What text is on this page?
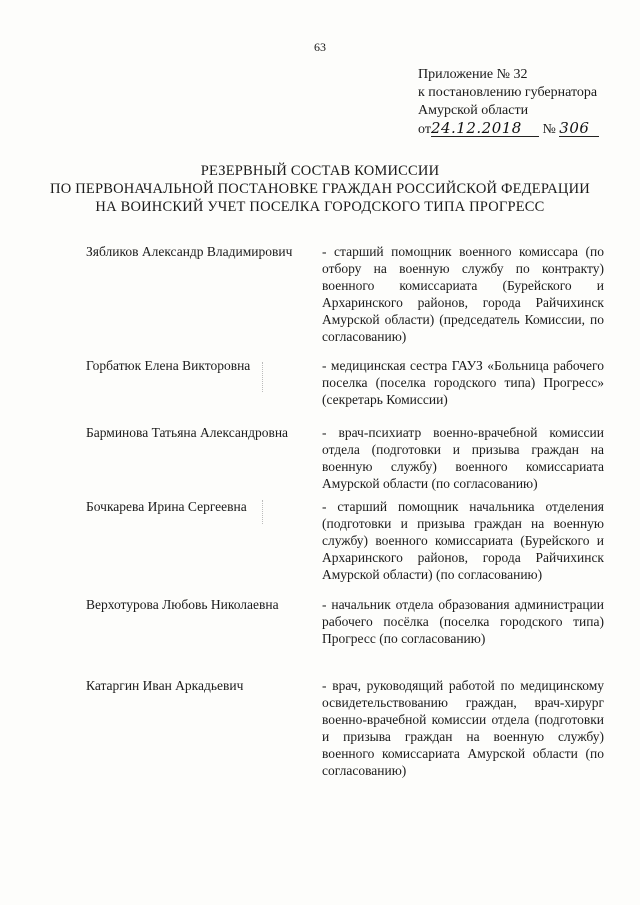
63
Приложение № 32
к постановлению губернатора
Амурской области
от24.12.2018 № 306
РЕЗЕРВНЫЙ СОСТАВ КОМИССИИ
ПО ПЕРВОНАЧАЛЬНОЙ ПОСТАНОВКЕ ГРАЖДАН РОССИЙСКОЙ ФЕДЕРАЦИИ
НА ВОИНСКИЙ УЧЕТ ПОСЕЛКА ГОРОДСКОГО ТИПА ПРОГРЕСС
Зябликов Александр Владимирович - старший помощник военного комиссара (по отбору на военную службу по контракту) военного комиссариата (Бурейского и Архаринского районов, города Райчихинск Амурской области) (председатель Комиссии, по согласованию)
Горбатюк Елена Викторовна	- медицинская сестра ГАУЗ «Больница рабочего поселка (поселка городского типа) Прогресс» (секретарь Комиссии)
Барминова Татьяна Александровна	- врач-психиатр военно-врачебной комиссии отдела (подготовки и призыва граждан на военную службу) военного комиссариата Амурской области (по согласованию)
Бочкарева Ирина Сергеевна	- старший помощник начальника отделения (подготовки и призыва граждан на военную службу) военного комиссариата (Бурейского и Архаринского районов, города Райчихинск Амурской области) (по согласованию)
Верхотурова Любовь Николаевна	- начальник отдела образования администрации рабочего посёлка (поселка городского типа) Прогресс (по согласованию)
Катаргин Иван Аркадьевич	- врач, руководящий работой по медицинскому освидетельствованию граждан, врач-хирург военно-врачебной комиссии отдела (подготовки и призыва граждан на военную службу) военного комиссариата Амурской области (по согласованию)
